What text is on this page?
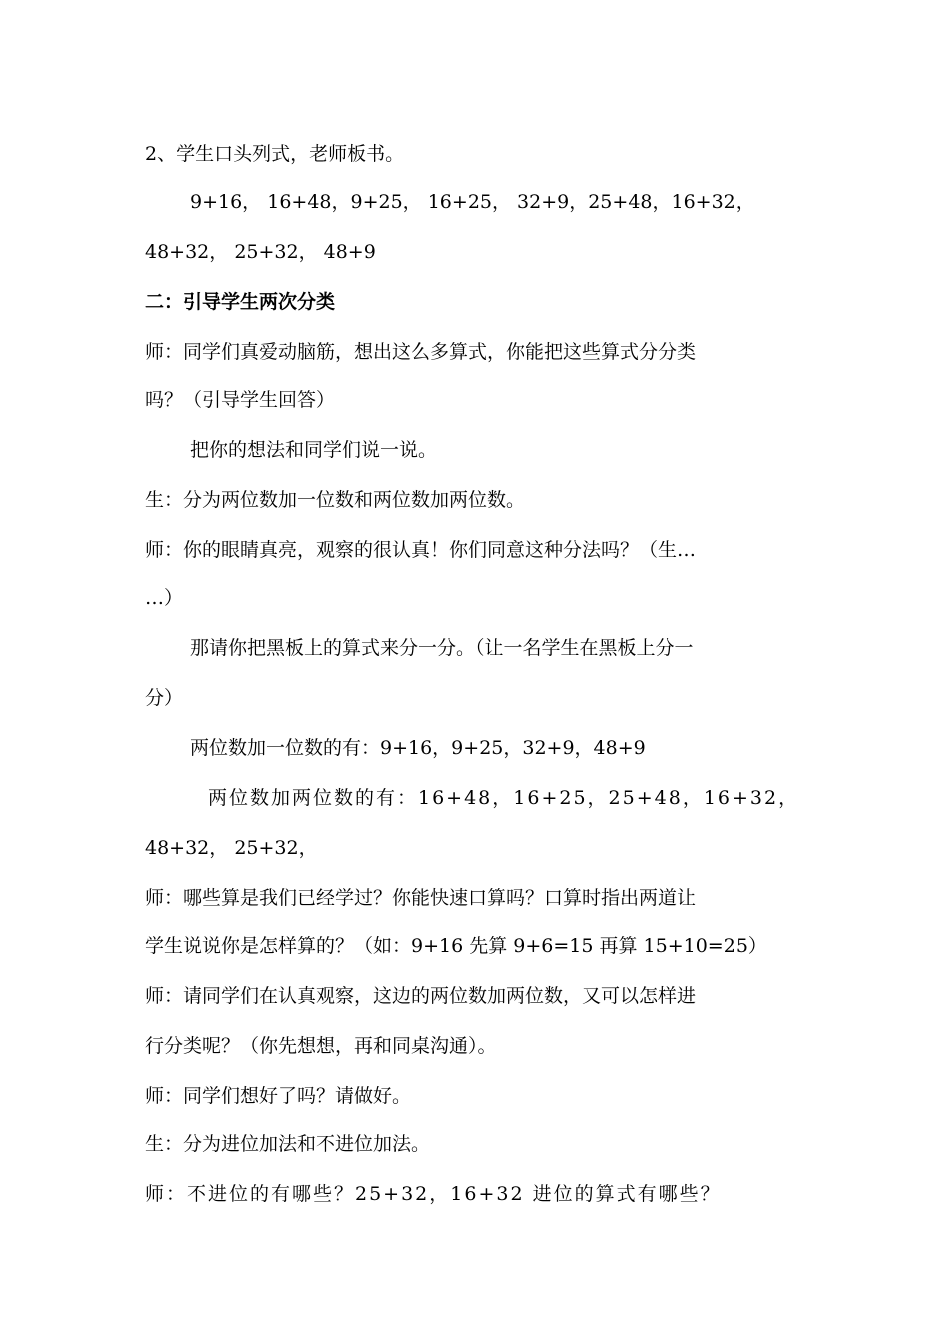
2、学生口头列式，老师板书。
9+16， 16+48，9+25， 16+25， 32+9，25+48，16+32，
48+32， 25+32， 48+9
二：引导学生两次分类
师：同学们真爱动脑筋，想出这么多算式，你能把这些算式分分类
吗？（引导学生回答）
把你的想法和同学们说一说。
生：分为两位数加一位数和两位数加两位数。
师：你的眼睛真亮，观察的很认真！你们同意这种分法吗？（生…
…）
那请你把黑板上的算式来分一分。（让一名学生在黑板上分一
分）
两位数加一位数的有：9+16，9+25，32+9，48+9
两位数加两位数的有：16+48，16+25，25+48，16+32，
48+32， 25+32，
师：哪些算是我们已经学过？你能快速口算吗？口算时指出两道让
学生说说你是怎样算的？（如：9+16 先算 9+6=15 再算 15+10=25）
师：请同学们在认真观察，这边的两位数加两位数，又可以怎样进
行分类呢？（你先想想，再和同桌沟通）。
师：同学们想好了吗？请做好。
生：分为进位加法和不进位加法。
师：不进位的有哪些？25+32，16+32 进位的算式有哪些？
